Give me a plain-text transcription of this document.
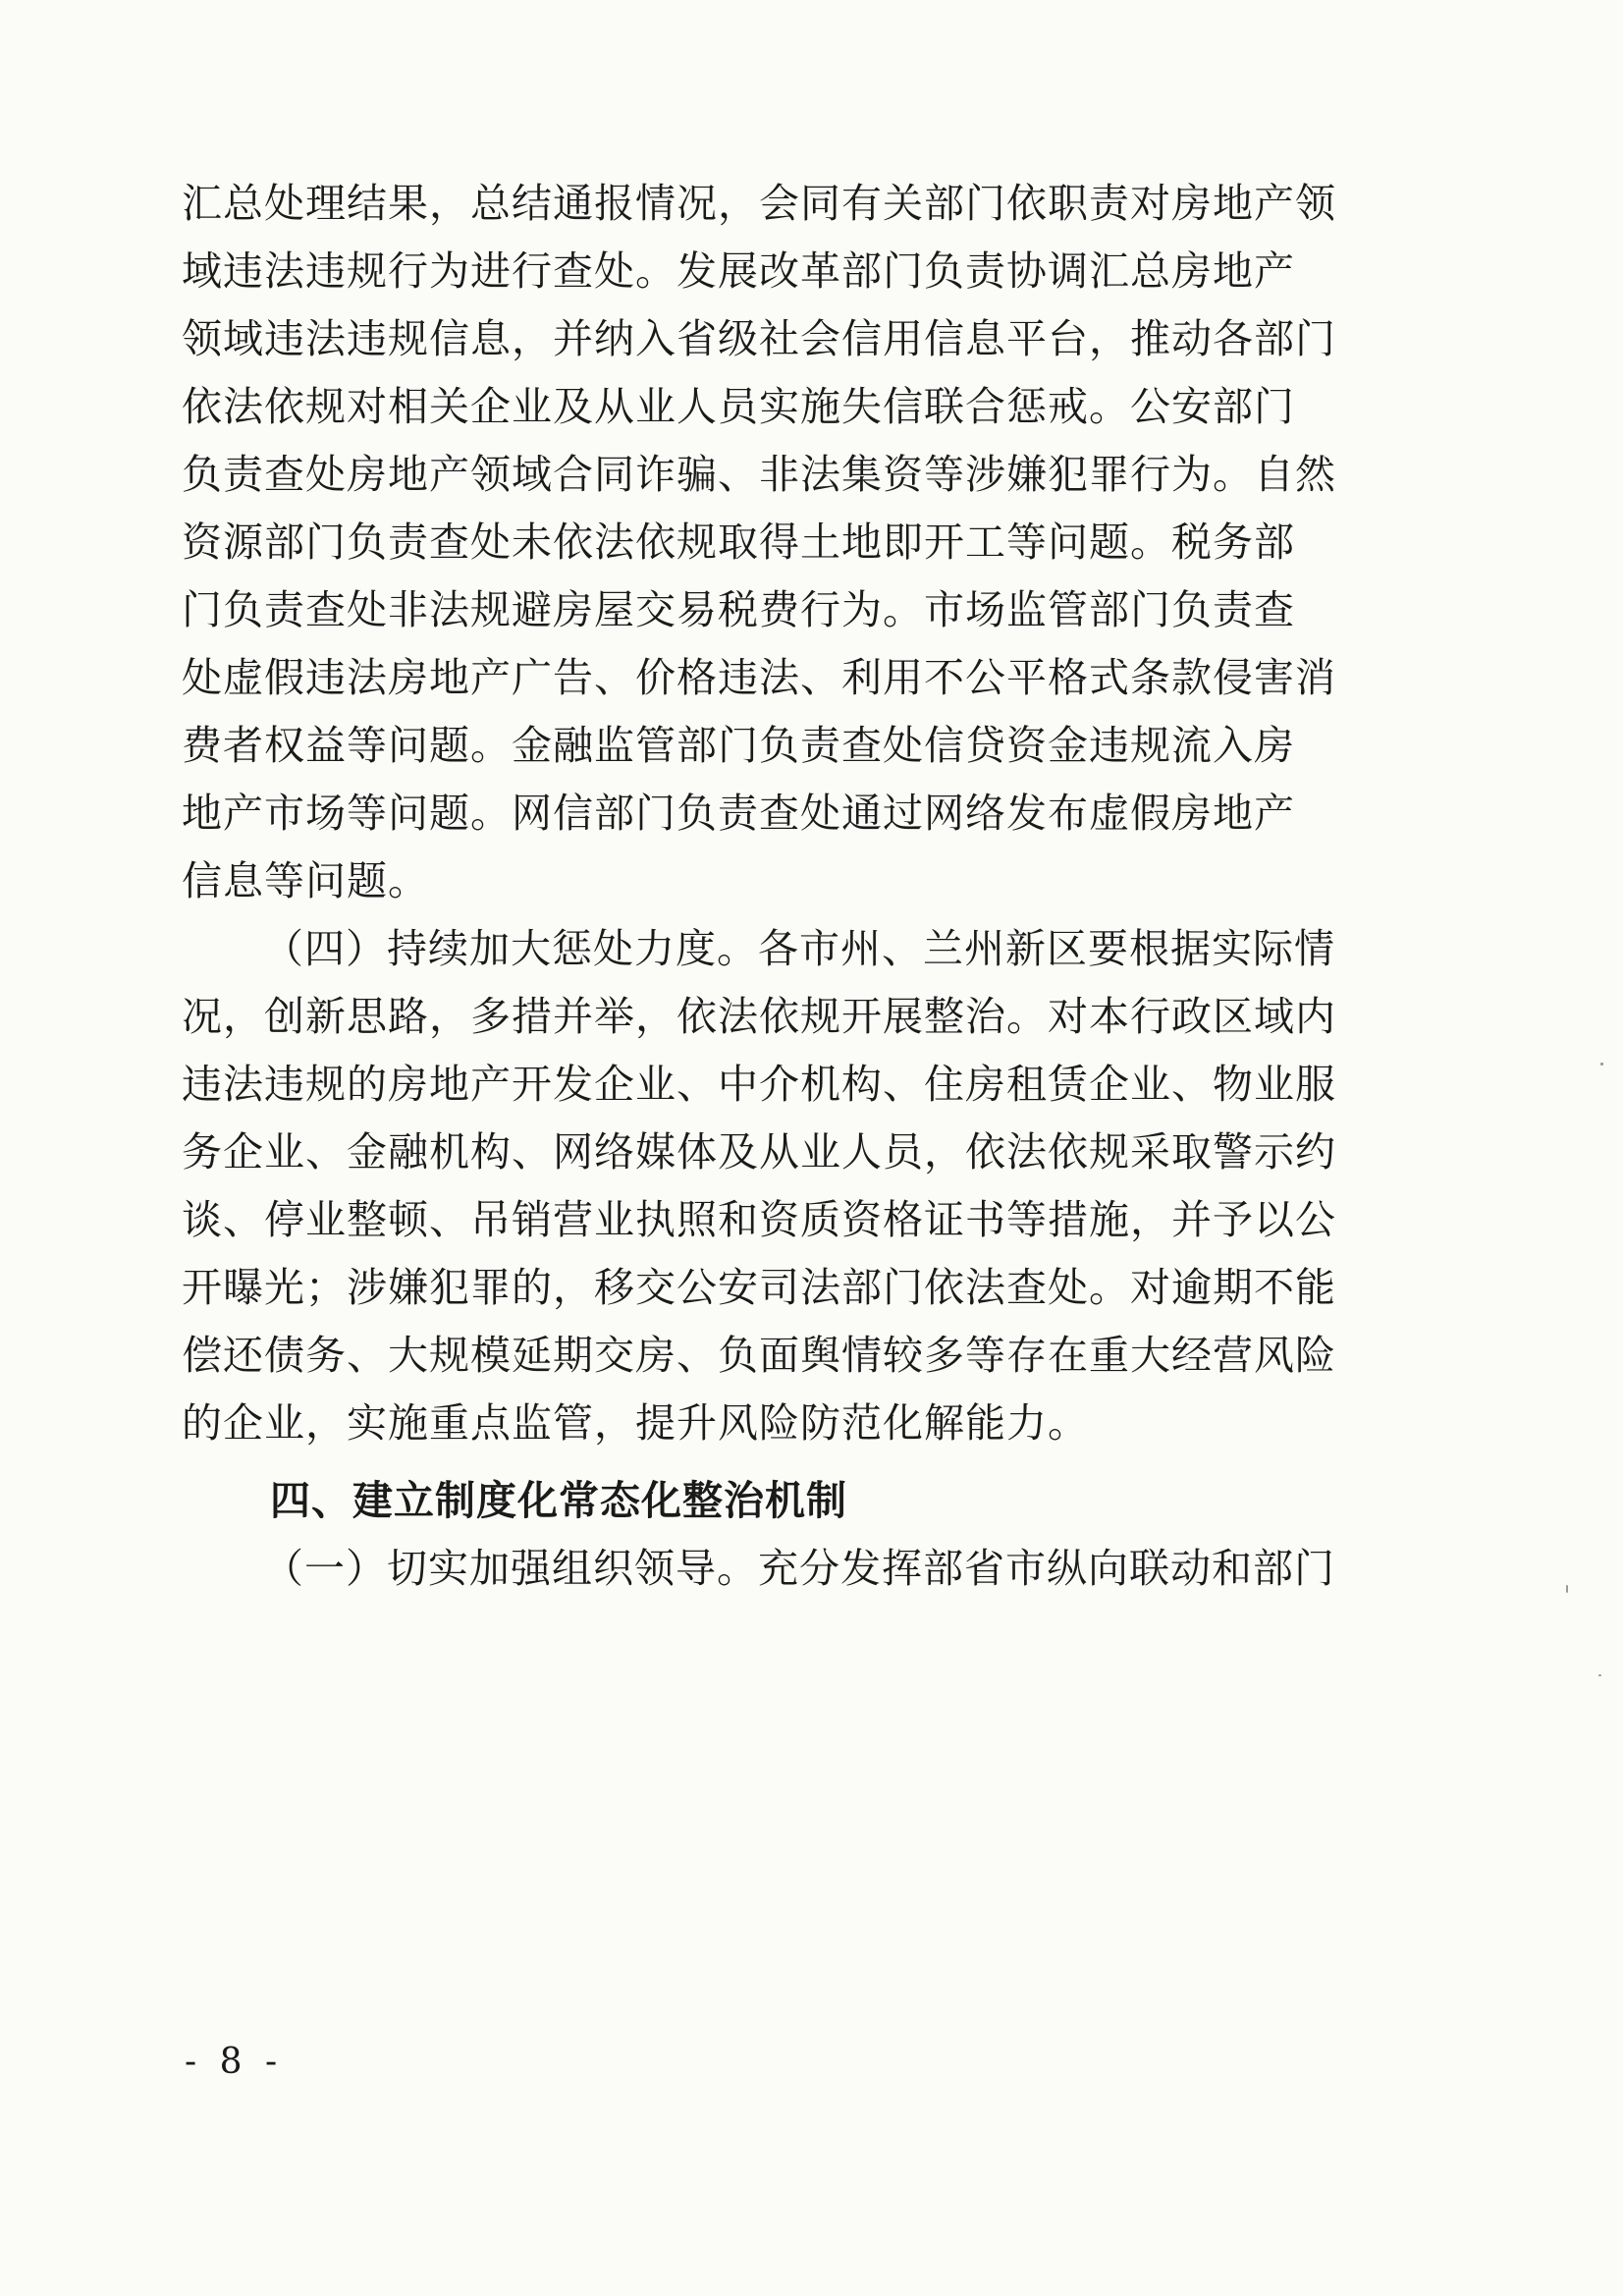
汇总处理结果，总结通报情况，会同有关部门依职责对房地产领
域违法违规行为进行查处。发展改革部门负责协调汇总房地产
领域违法违规信息，并纳入省级社会信用信息平台，推动各部门
依法依规对相关企业及从业人员实施失信联合惩戒。公安部门
负责查处房地产领域合同诈骗、非法集资等涉嫌犯罪行为。自然
资源部门负责查处未依法依规取得土地即开工等问题。税务部
门负责查处非法规避房屋交易税费行为。市场监管部门负责查
处虚假违法房地产广告、价格违法、利用不公平格式条款侵害消
费者权益等问题。金融监管部门负责查处信贷资金违规流入房
地产市场等问题。网信部门负责查处通过网络发布虚假房地产
信息等问题。
（四）持续加大惩处力度。各市州、兰州新区要根据实际情
况，创新思路，多措并举，依法依规开展整治。对本行政区域内
违法违规的房地产开发企业、中介机构、住房租赁企业、物业服
务企业、金融机构、网络媒体及从业人员，依法依规采取警示约
谈、停业整顿、吊销营业执照和资质资格证书等措施，并予以公
开曝光；涉嫌犯罪的，移交公安司法部门依法查处。对逾期不能
偿还债务、大规模延期交房、负面舆情较多等存在重大经营风险
的企业，实施重点监管，提升风险防范化解能力。
四、建立制度化常态化整治机制
（一）切实加强组织领导。充分发挥部省市纵向联动和部门
- 8 -
